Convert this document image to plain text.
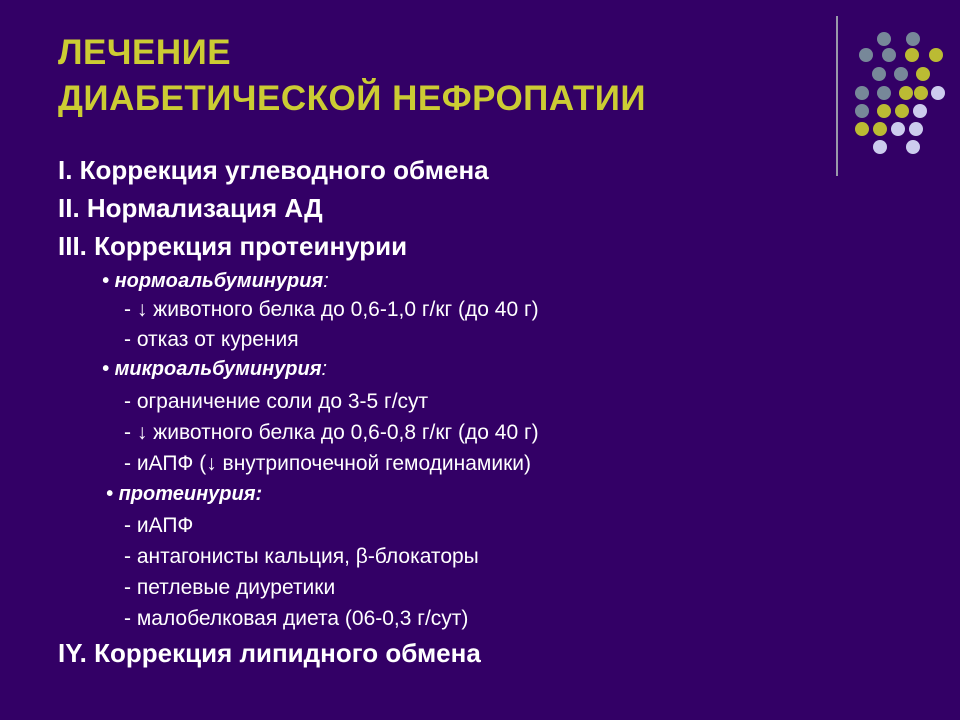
ЛЕЧЕНИЕ
ДИАБЕТИЧЕСКОЙ НЕФРОПАТИИ
I. Коррекция углеводного обмена
II. Нормализация АД
III. Коррекция протеинурии
• нормоальбуминурия:
- ↓ животного белка до 0,6-1,0 г/кг (до 40 г)
- отказ от курения
• микроальбуминурия:
- ограничение соли до 3-5 г/сут
- ↓ животного белка до 0,6-0,8 г/кг (до 40 г)
- иАПФ (↓ внутрипочечной гемодинамики)
• протеинурия:
- иАПФ
- антагонисты кальция, β-блокаторы
- петлевые диуретики
- малобелковая диета (06-0,3 г/сут)
IY. Коррекция липидного обмена
